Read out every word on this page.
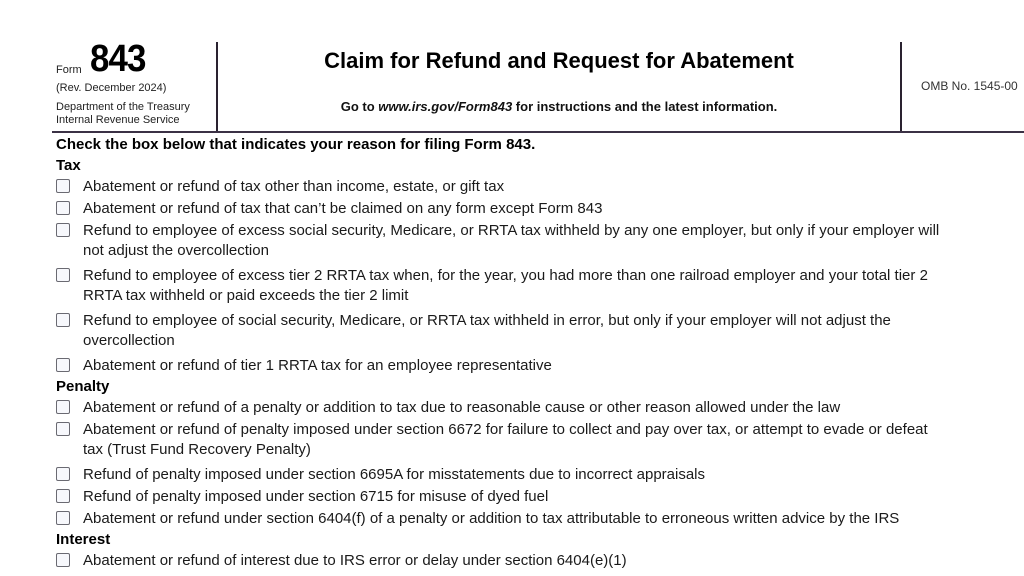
Form 843
(Rev. December 2024)
Department of the Treasury
Internal Revenue Service
Claim for Refund and Request for Abatement
Go to www.irs.gov/Form843 for instructions and the latest information.
OMB No. 1545-00
Check the box below that indicates your reason for filing Form 843.
Tax
Abatement or refund of tax other than income, estate, or gift tax
Abatement or refund of tax that can’t be claimed on any form except Form 843
Refund to employee of excess social security, Medicare, or RRTA tax withheld by any one employer, but only if your employer will
not adjust the overcollection
Refund to employee of excess tier 2 RRTA tax when, for the year, you had more than one railroad employer and your total tier 2
RRTA tax withheld or paid exceeds the tier 2 limit
Refund to employee of social security, Medicare, or RRTA tax withheld in error, but only if your employer will not adjust the
overcollection
Abatement or refund of tier 1 RRTA tax for an employee representative
Penalty
Abatement or refund of a penalty or addition to tax due to reasonable cause or other reason allowed under the law
Abatement or refund of penalty imposed under section 6672 for failure to collect and pay over tax, or attempt to evade or defeat
tax (Trust Fund Recovery Penalty)
Refund of penalty imposed under section 6695A for misstatements due to incorrect appraisals
Refund of penalty imposed under section 6715 for misuse of dyed fuel
Abatement or refund under section 6404(f) of a penalty or addition to tax attributable to erroneous written advice by the IRS
Interest
Abatement or refund of interest due to IRS error or delay under section 6404(e)(1)
